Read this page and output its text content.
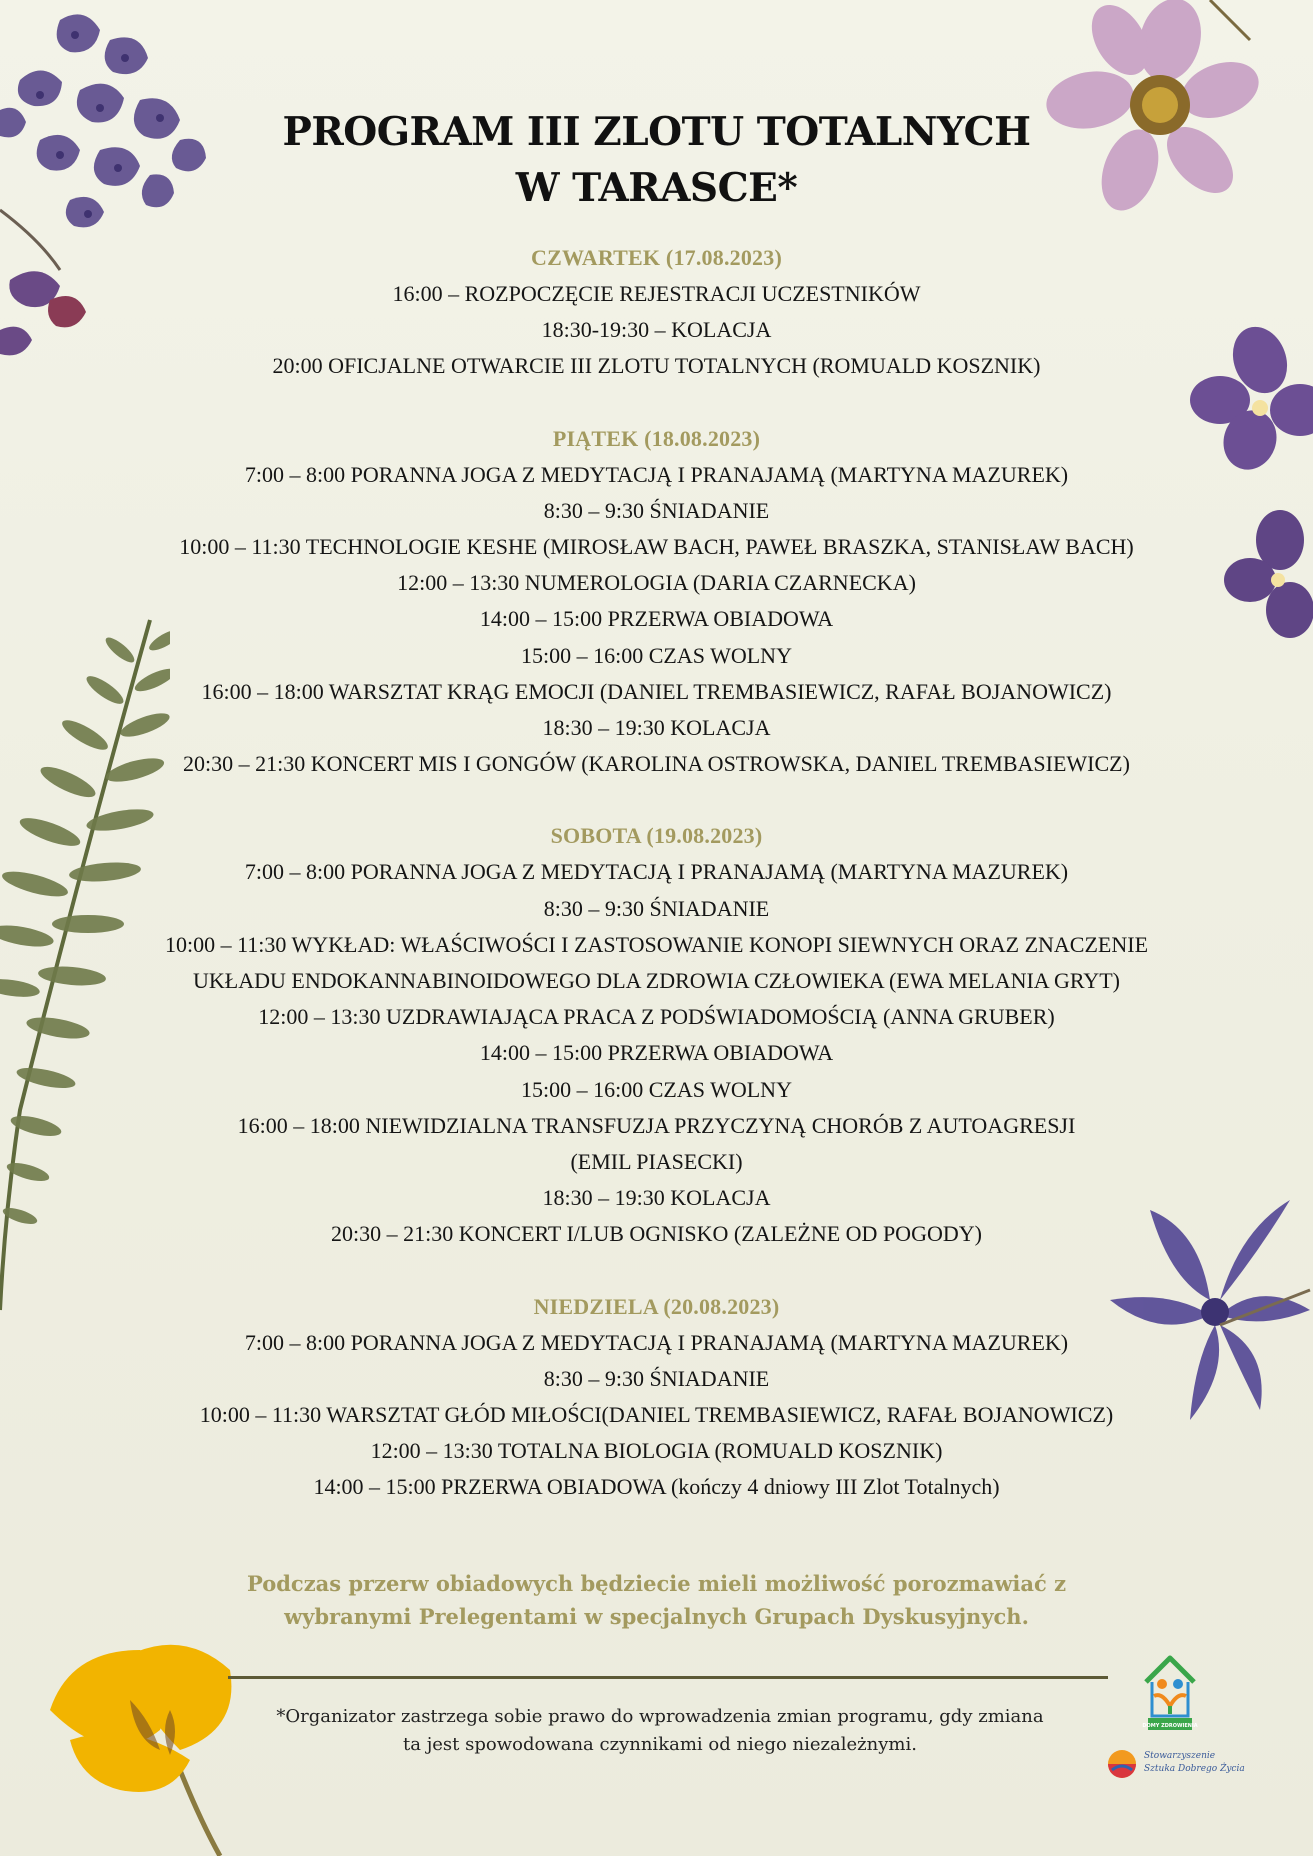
PROGRAM III ZLOTU TOTALNYCH
W TARASCE*
CZWARTEK (17.08.2023)
16:00 – ROZPOCZĘCIE REJESTRACJI UCZESTNIKÓW
18:30-19:30 – KOLACJA
20:00 OFICJALNE OTWARCIE III ZLOTU TOTALNYCH (ROMUALD KOSZNIK)
PIĄTEK (18.08.2023)
7:00 – 8:00 PORANNA JOGA Z MEDYTACJĄ I PRANAJAMĄ (MARTYNA MAZUREK)
8:30 – 9:30 ŚNIADANIE
10:00 – 11:30 TECHNOLOGIE KESHE (MIROSŁAW BACH, PAWEŁ BRASZKA, STANISŁAW BACH)
12:00 – 13:30 NUMEROLOGIA (DARIA CZARNECKA)
14:00 – 15:00 PRZERWA OBIADOWA
15:00 – 16:00 CZAS WOLNY
16:00 – 18:00 WARSZTAT KRĄG EMOCJI (DANIEL TREMBASIEWICZ, RAFAŁ BOJANOWICZ)
18:30 – 19:30 KOLACJA
20:30 – 21:30 KONCERT MIS I GONGÓW (KAROLINA OSTROWSKA, DANIEL TREMBASIEWICZ)
SOBOTA (19.08.2023)
7:00 – 8:00 PORANNA JOGA Z MEDYTACJĄ I PRANAJAMĄ (MARTYNA MAZUREK)
8:30 – 9:30 ŚNIADANIE
10:00 – 11:30 WYKŁAD: WŁAŚCIWOŚCI I ZASTOSOWANIE KONOPI SIEWNYCH ORAZ ZNACZENIE
UKŁADU ENDOKANNABINOIDOWEGO DLA ZDROWIA CZŁOWIEKA (EWA MELANIA GRYT)
12:00 – 13:30 UZDRAWIAJĄCA PRACA Z PODŚWIADOMOŚCIĄ (ANNA GRUBER)
14:00 – 15:00 PRZERWA OBIADOWA
15:00 – 16:00 CZAS WOLNY
16:00 – 18:00 NIEWIDZIALNA TRANSFUZJA PRZYCZYNĄ CHORÓB Z AUTOAGRESJI
(EMIL PIASECKI)
18:30 – 19:30 KOLACJA
20:30 – 21:30 KONCERT I/LUB OGNISKO (ZALEŻNE OD POGODY)
NIEDZIELA (20.08.2023)
7:00 – 8:00 PORANNA JOGA Z MEDYTACJĄ I PRANAJAMĄ (MARTYNA MAZUREK)
8:30 – 9:30 ŚNIADANIE
10:00 – 11:30 WARSZTAT GŁÓD MIŁOŚCI(DANIEL TREMBASIEWICZ, RAFAŁ BOJANOWICZ)
12:00 – 13:30 TOTALNA BIOLOGIA (ROMUALD KOSZNIK)
14:00 – 15:00 PRZERWA OBIADOWA (kończy 4 dniowy III Zlot Totalnych)
Podczas przerw obiadowych będziecie mieli możliwość porozmawiać z
wybranymi Prelegentami w specjalnych Grupach Dyskusyjnych.
*Organizator zastrzega sobie prawo do wprowadzenia zmian programu, gdy zmiana
ta jest spowodowana czynnikami od niego niezależnymi.
DOMY ZDROWIENIA
Stowarzyszenie
Sztuka Dobrego Życia
